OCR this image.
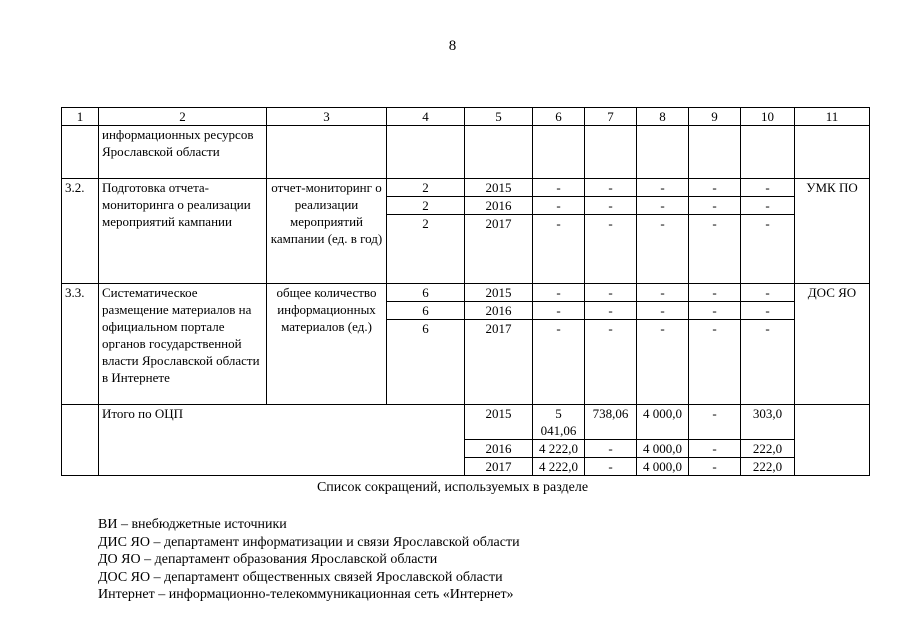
8
1	2	3	4	5	6	7	8	9	10	11
	информационных ресурсов Ярославской области									
3.2.	Подготовка отчета-мониторинга о реализации мероприятий кампании	отчет-мониторинг о реализации мероприятий кампании (ед. в год)	2	2015	-	-	-	-	-	УМК ПО
			2	2016	-	-	-	-	-	
			2	2017	-	-	-	-	-	
3.3.	Систематическое размещение материалов на официальном портале органов государственной власти Ярославской области в Интернете	общее количество информационных материалов (ед.)	6	2015	-	-	-	-	-	ДОС ЯО
			6	2016	-	-	-	-	-	
			6	2017	-	-	-	-	-	
	Итого по ОЦП			2015	5 041,06	738,06	4 000,0	-	303,0	
				2016	4 222,0	-	4 000,0	-	222,0	
				2017	4 222,0	-	4 000,0	-	222,0	
Список сокращений, используемых в разделе
ВИ – внебюджетные источники
ДИС ЯО – департамент информатизации и связи Ярославской области
ДО ЯО – департамент образования Ярославской области
ДОС ЯО – департамент общественных связей Ярославской области
Интернет – информационно-телекоммуникационная сеть «Интернет»
